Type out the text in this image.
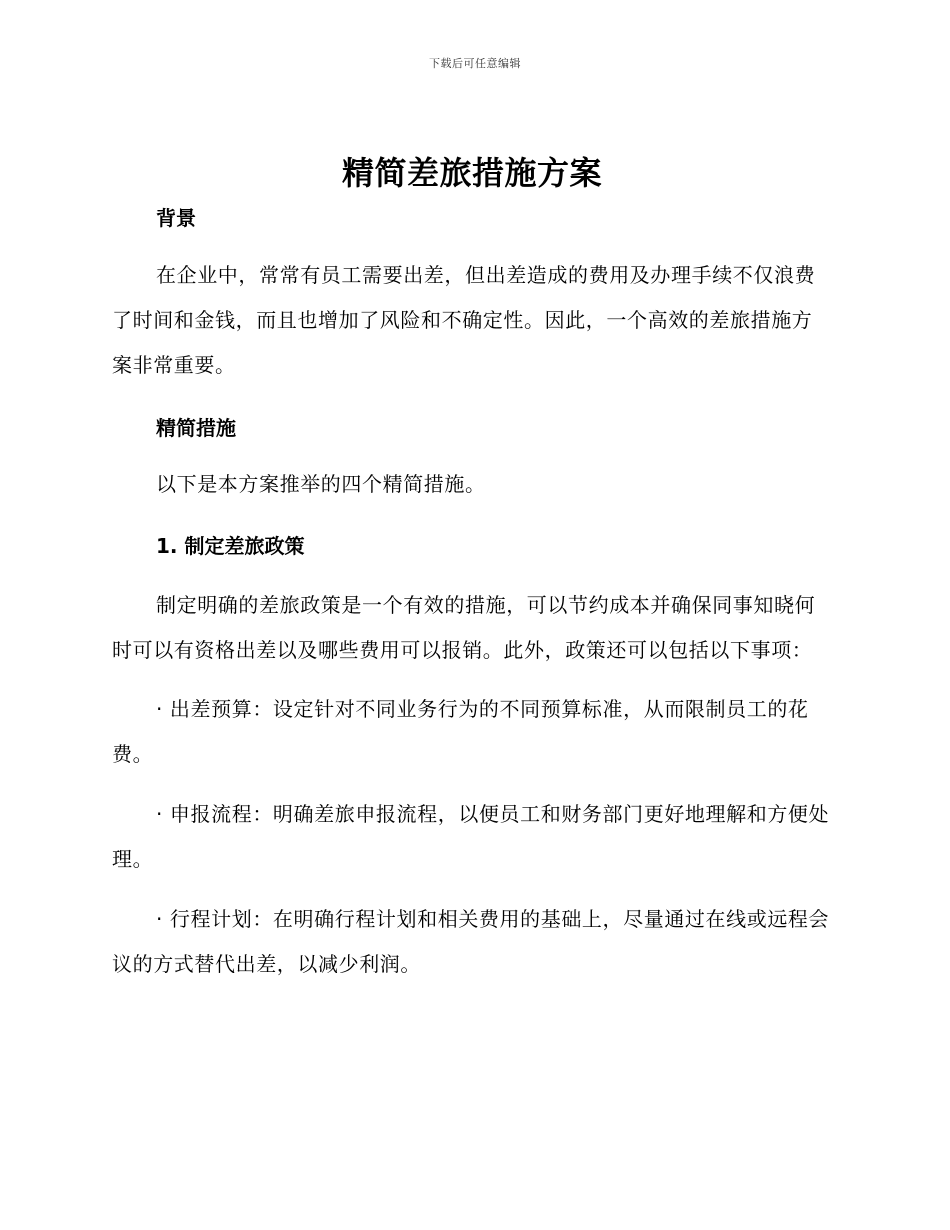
下载后可任意编辑
精简差旅措施方案
背景

在企业中，常常有员工需要出差，但出差造成的费用及办理手续不仅浪费了时间和金钱，而且也增加了风险和不确定性。因此，一个高效的差旅措施方案非常重要。

精简措施

以下是本方案推举的四个精简措施。

1. 制定差旅政策

制定明确的差旅政策是一个有效的措施，可以节约成本并确保同事知晓何时可以有资格出差以及哪些费用可以报销。此外，政策还可以包括以下事项：

· 出差预算：设定针对不同业务行为的不同预算标准，从而限制员工的花费。

· 申报流程：明确差旅申报流程，以便员工和财务部门更好地理解和方便处理。

· 行程计划：在明确行程计划和相关费用的基础上，尽量通过在线或远程会议的方式替代出差，以减少利润。
